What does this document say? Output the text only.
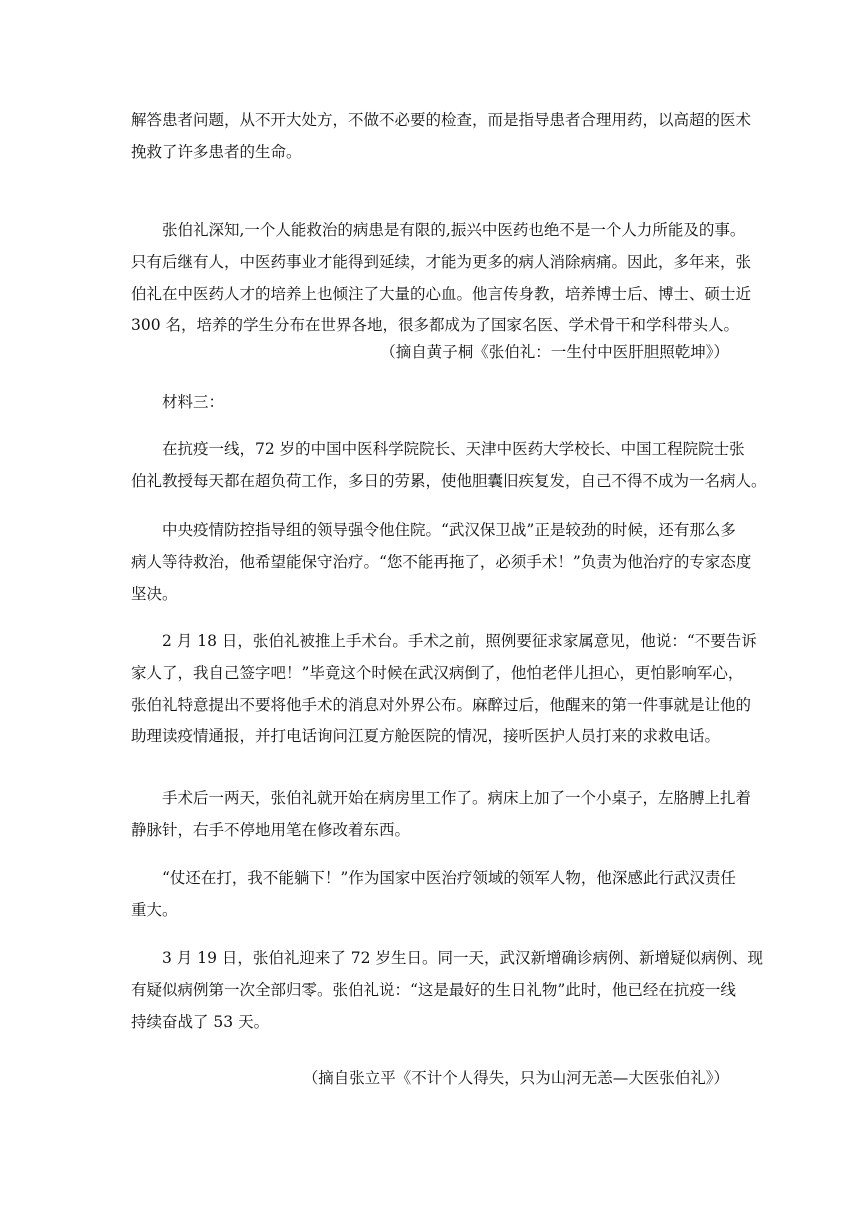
解答患者问题，从不开大处方，不做不必要的检查，而是指导患者合理用药，以高超的医术
挽救了许多患者的生命。
张伯礼深知,一个人能救治的病患是有限的,振兴中医药也绝不是一个人力所能及的事。
只有后继有人，中医药事业才能得到延续，才能为更多的病人消除病痛。因此，多年来，张
伯礼在中医药人才的培养上也倾注了大量的心血。他言传身教，培养博士后、博士、硕士近
300 名，培养的学生分布在世界各地，很多都成为了国家名医、学术骨干和学科带头人。
（摘自黄子桐《张伯礼：一生付中医肝胆照乾坤》）
材料三：
在抗疫一线，72 岁的中国中医科学院院长、天津中医药大学校长、中国工程院院士张
伯礼教授每天都在超负荷工作，多日的劳累，使他胆囊旧疾复发，自己不得不成为一名病人。
中央疫情防控指导组的领导强令他住院。“武汉保卫战”正是较劲的时候，还有那么多
病人等待救治，他希望能保守治疗。“您不能再拖了，必须手术！”负责为他治疗的专家态度
坚决。
2 月 18 日，张伯礼被推上手术台。手术之前，照例要征求家属意见，他说：“不要告诉
家人了，我自己签字吧！”毕竟这个时候在武汉病倒了，他怕老伴儿担心，更怕影响军心，
张伯礼特意提出不要将他手术的消息对外界公布。麻醉过后，他醒来的第一件事就是让他的
助理读疫情通报，并打电话询问江夏方舱医院的情况，接听医护人员打来的求救电话。
手术后一两天，张伯礼就开始在病房里工作了。病床上加了一个小桌子，左胳膊上扎着
静脉针，右手不停地用笔在修改着东西。
“仗还在打，我不能躺下！”作为国家中医治疗领域的领军人物，他深感此行武汉责任
重大。
3 月 19 日，张伯礼迎来了 72 岁生日。同一天，武汉新增确诊病例、新增疑似病例、现
有疑似病例第一次全部归零。张伯礼说：“这是最好的生日礼物”此时，他已经在抗疫一线
持续奋战了 53 天。
（摘自张立平《不计个人得失，只为山河无恙—大医张伯礼》）
